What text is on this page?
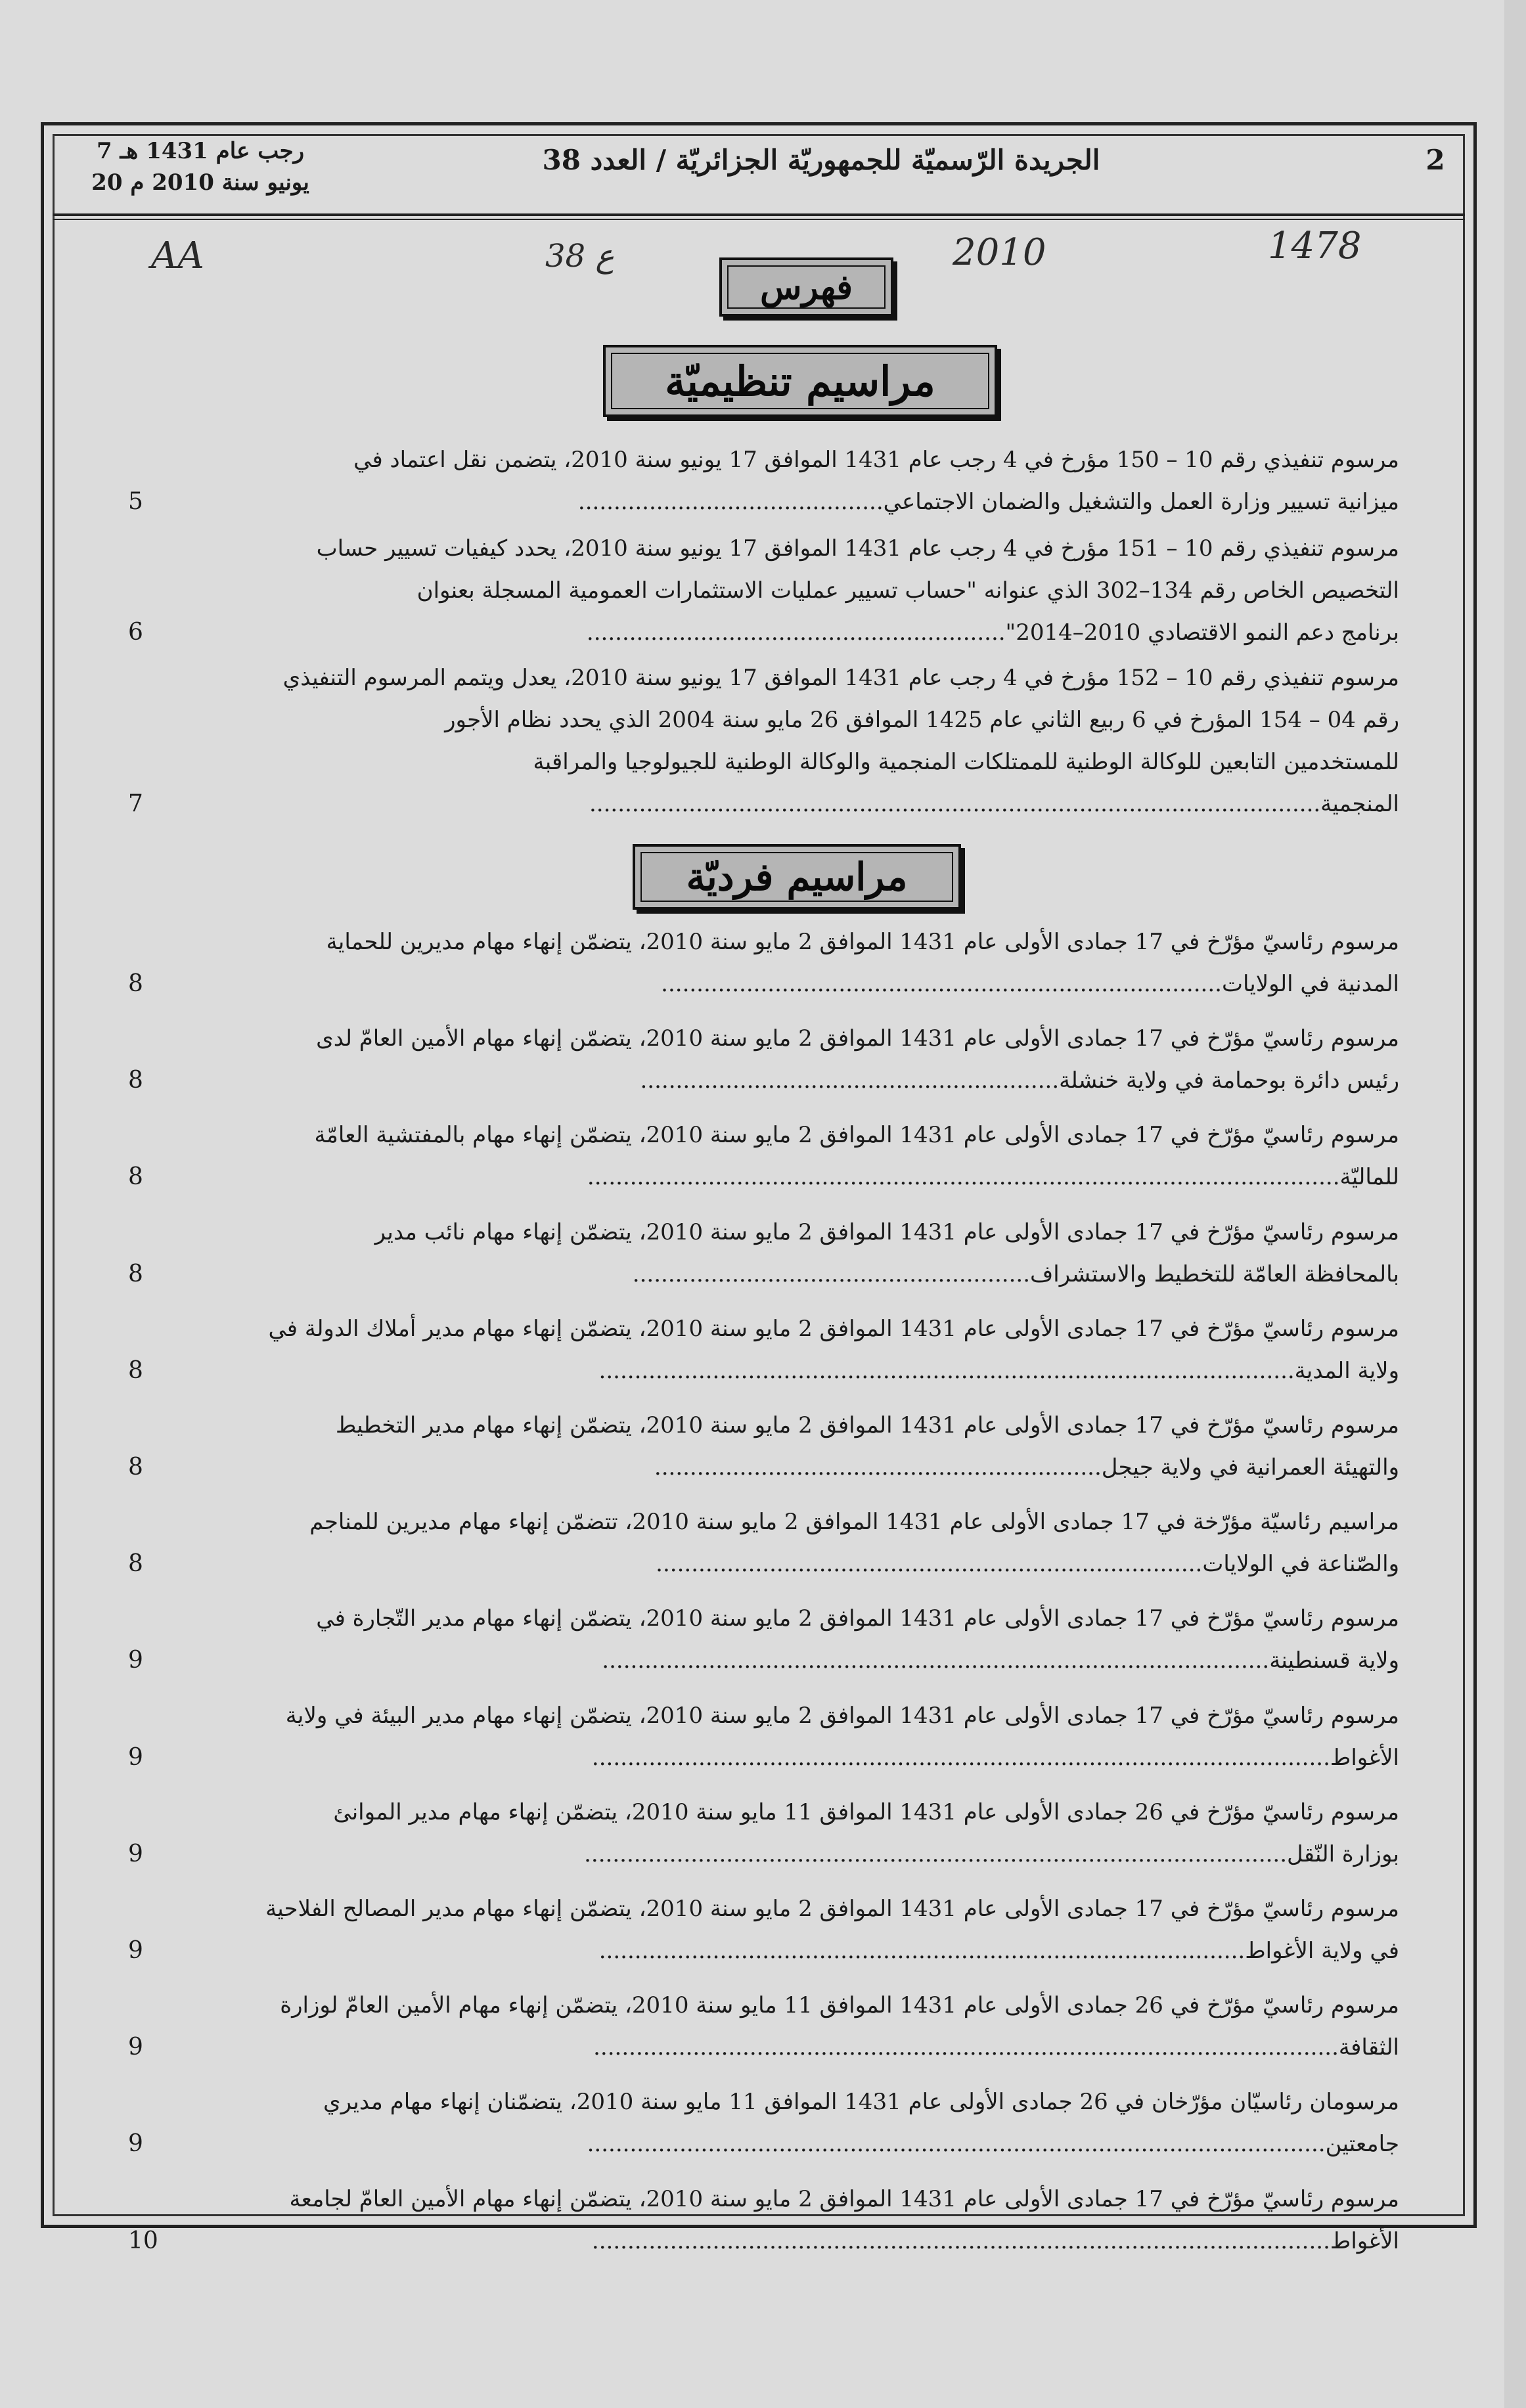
7 رجب عام 1431 هـ
20 يونيو سنة 2010 م
الجريدة الرّسميّة للجمهوريّة الجزائريّة / العدد 38	2
AA	38 ع	2010	1478
فهرس
مراسيم تنظيميّة
مرسوم تنفيذي رقم 10 – 150 مؤرخ في 4 رجب عام 1431 الموافق 17 يونيو سنة 2010، يتضمن نقل اعتماد في
ميزانية تسيير وزارة العمل والتشغيل والضمان الاجتماعي...........................................
5
مرسوم تنفيذي رقم 10 – 151 مؤرخ في 4 رجب عام 1431 الموافق 17 يونيو سنة 2010، يحدد كيفيات تسيير حساب
التخصيص الخاص رقم 134–302 الذي عنوانه "حساب تسيير عمليات الاستثمارات العمومية المسجلة بعنوان
برنامج دعم النمو الاقتصادي 2010–2014"...........................................................
6
مرسوم تنفيذي رقم 10 – 152 مؤرخ في 4 رجب عام 1431 الموافق 17 يونيو سنة 2010، يعدل ويتمم المرسوم التنفيذي
رقم 04 – 154 المؤرخ في 6 ربيع الثاني عام 1425 الموافق 26 مايو سنة 2004 الذي يحدد نظام الأجور
للمستخدمين التابعين للوكالة الوطنية للممتلكات المنجمية والوكالة الوطنية للجيولوجيا والمراقبة
المنجمية.......................................................................................................
7
مراسيم فرديّة
مرسوم رئاسيّ مؤرّخ في 17 جمادى الأولى عام 1431 الموافق 2 مايو سنة 2010، يتضمّن إنهاء مهام مديرين للحماية
المدنية في الولايات...............................................................................
8
مرسوم رئاسيّ مؤرّخ في 17 جمادى الأولى عام 1431 الموافق 2 مايو سنة 2010، يتضمّن إنهاء مهام الأمين العامّ لدى
رئيس دائرة بوحمامة في ولاية خنشلة...........................................................
8
مرسوم رئاسيّ مؤرّخ في 17 جمادى الأولى عام 1431 الموافق 2 مايو سنة 2010، يتضمّن إنهاء مهام بالمفتشية العامّة
للماليّة..........................................................................................................
8
مرسوم رئاسيّ مؤرّخ في 17 جمادى الأولى عام 1431 الموافق 2 مايو سنة 2010، يتضمّن إنهاء مهام نائب مدير
بالمحافظة العامّة للتخطيط والاستشراف........................................................
8
مرسوم رئاسيّ مؤرّخ في 17 جمادى الأولى عام 1431 الموافق 2 مايو سنة 2010، يتضمّن إنهاء مهام مدير أملاك الدولة في
ولاية المدية..................................................................................................
8
مرسوم رئاسيّ مؤرّخ في 17 جمادى الأولى عام 1431 الموافق 2 مايو سنة 2010، يتضمّن إنهاء مهام مدير التخطيط
والتهيئة العمرانية في ولاية جيجل...............................................................
8
مراسيم رئاسيّة مؤرّخة في 17 جمادى الأولى عام 1431 الموافق 2 مايو سنة 2010، تتضمّن إنهاء مهام مديرين للمناجم
والصّناعة في الولايات.............................................................................
8
مرسوم رئاسيّ مؤرّخ في 17 جمادى الأولى عام 1431 الموافق 2 مايو سنة 2010، يتضمّن إنهاء مهام مدير التّجارة في
ولاية قسنطينة..............................................................................................
9
مرسوم رئاسيّ مؤرّخ في 17 جمادى الأولى عام 1431 الموافق 2 مايو سنة 2010، يتضمّن إنهاء مهام مدير البيئة في ولاية
الأغواط........................................................................................................
9
مرسوم رئاسيّ مؤرّخ في 26 جمادى الأولى عام 1431 الموافق 11 مايو سنة 2010، يتضمّن إنهاء مهام مدير الموانئ
بوزارة النّقل...................................................................................................
9
مرسوم رئاسيّ مؤرّخ في 17 جمادى الأولى عام 1431 الموافق 2 مايو سنة 2010، يتضمّن إنهاء مهام مدير المصالح الفلاحية
في ولاية الأغواط...........................................................................................
9
مرسوم رئاسيّ مؤرّخ في 26 جمادى الأولى عام 1431 الموافق 11 مايو سنة 2010، يتضمّن إنهاء مهام الأمين العامّ لوزارة
الثقافة.........................................................................................................
9
مرسومان رئاسيّان مؤرّخان في 26 جمادى الأولى عام 1431 الموافق 11 مايو سنة 2010، يتضمّنان إنهاء مهام مديري
جامعتين........................................................................................................
9
مرسوم رئاسيّ مؤرّخ في 17 جمادى الأولى عام 1431 الموافق 2 مايو سنة 2010، يتضمّن إنهاء مهام الأمين العامّ لجامعة
الأغواط........................................................................................................
10
